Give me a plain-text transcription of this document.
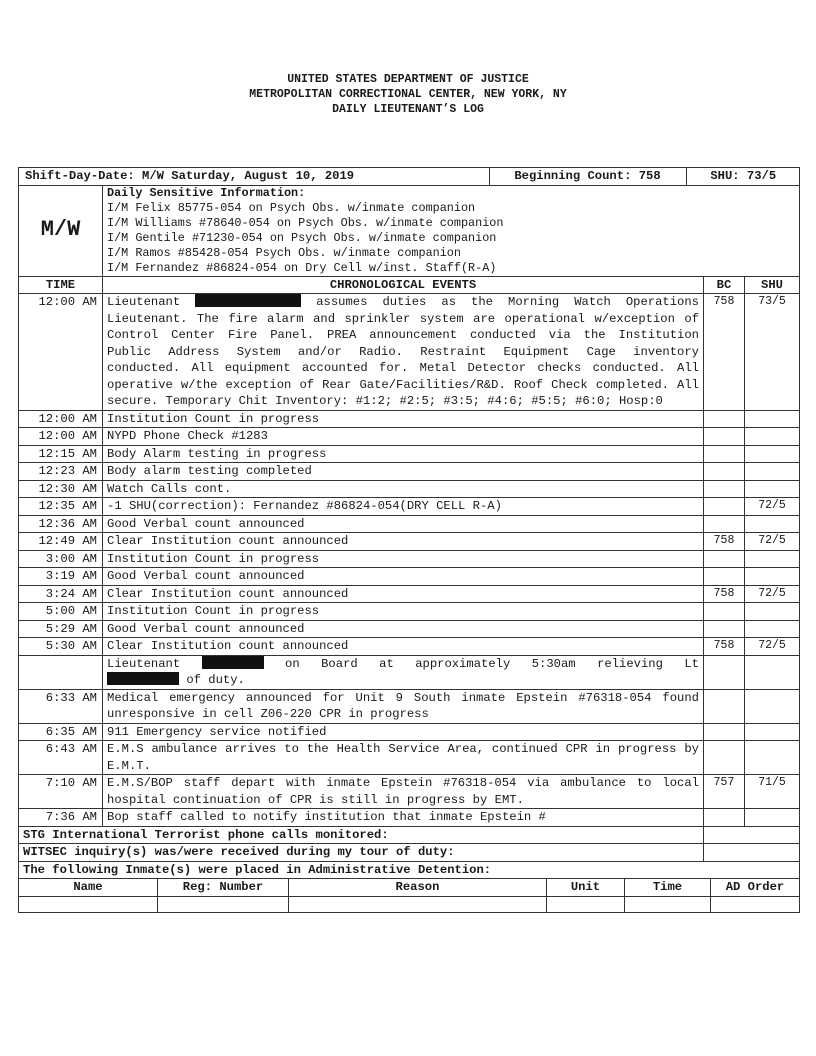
UNITED STATES DEPARTMENT OF JUSTICE
METROPOLITAN CORRECTIONAL CENTER, NEW YORK, NY
DAILY LIEUTENANT’S LOG
Shift-Day-Date: M/W Saturday, August 10, 2019	Beginning Count: 758	SHU: 73/5

M/W	
Daily Sensitive Information:
I/M Felix 85775-054 on Psych Obs. w/inmate companion
I/M Williams #78640-054 on Psych Obs. w/inmate companion
I/M Gentile #71230-054 on Psych Obs. w/inmate companion
I/M Ramos #85428-054 Psych Obs. w/inmate companion
I/M Fernandez #86824-054 on Dry Cell w/inst. Staff(R-A)

TIME	CHRONOLOGICAL EVENTS	BC	SHU
12:00 AM	Lieutenant	assumes duties as the Morning Watch Operations Lieutenant. The fire alarm and sprinkler system are operational w/exception of Control Center Fire Panel. PREA announcement conducted via the Institution Public Address System and/or Radio. Restraint Equipment Cage inventory conducted. All equipment accounted for. Metal Detector checks conducted. All operative w/the exception of Rear Gate/Facilities/R&D. Roof Check completed. All secure. Temporary Chit Inventory: #1:2; #2:5; #3:5; #4:6; #5:5; #6:0; Hosp:0	758	73/5
12:00 AM	Institution Count in progress		
12:00 AM	NYPD Phone Check #1283		
12:15 AM	Body Alarm testing in progress		
12:23 AM	Body alarm testing completed		
12:30 AM	Watch Calls cont.		
12:35 AM	-1 SHU(correction): Fernandez #86824-054(DRY CELL R-A)		72/5
12:36 AM	Good Verbal count announced		
12:49 AM	Clear Institution count announced	758	72/5
3:00 AM	Institution Count in progress		
3:19 AM	Good Verbal count announced		
3:24 AM	Clear Institution count announced	758	72/5
5:00 AM	Institution Count in progress		
5:29 AM	Good Verbal count announced		
5:30 AM	Clear Institution count announced	758	72/5

Lieutenant	on Board at approximately 5:30am relieving Lt
of duty.		
6:33 AM	Medical emergency announced for Unit 9 South inmate Epstein #76318-054 found unresponsive in cell Z06-220 CPR in progress		
6:35 AM	911 Emergency service notified		
6:43 AM	E.M.S ambulance arrives to the Health Service Area, continued CPR in progress by E.M.T.		
7:10 AM	E.M.S/BOP staff depart with inmate Epstein #76318-054 via ambulance to local hospital continuation of CPR is still in progress by EMT.	757	71/5
7:36 AM	Bop staff called to notify institution that inmate Epstein #		
STG International Terrorist phone calls monitored:	
WITSEC inquiry(s) was/were received during my tour of duty:	
The following Inmate(s) were placed in Administrative Detention:
Name	Reg: Number	Reason	Unit	Time	AD Order
